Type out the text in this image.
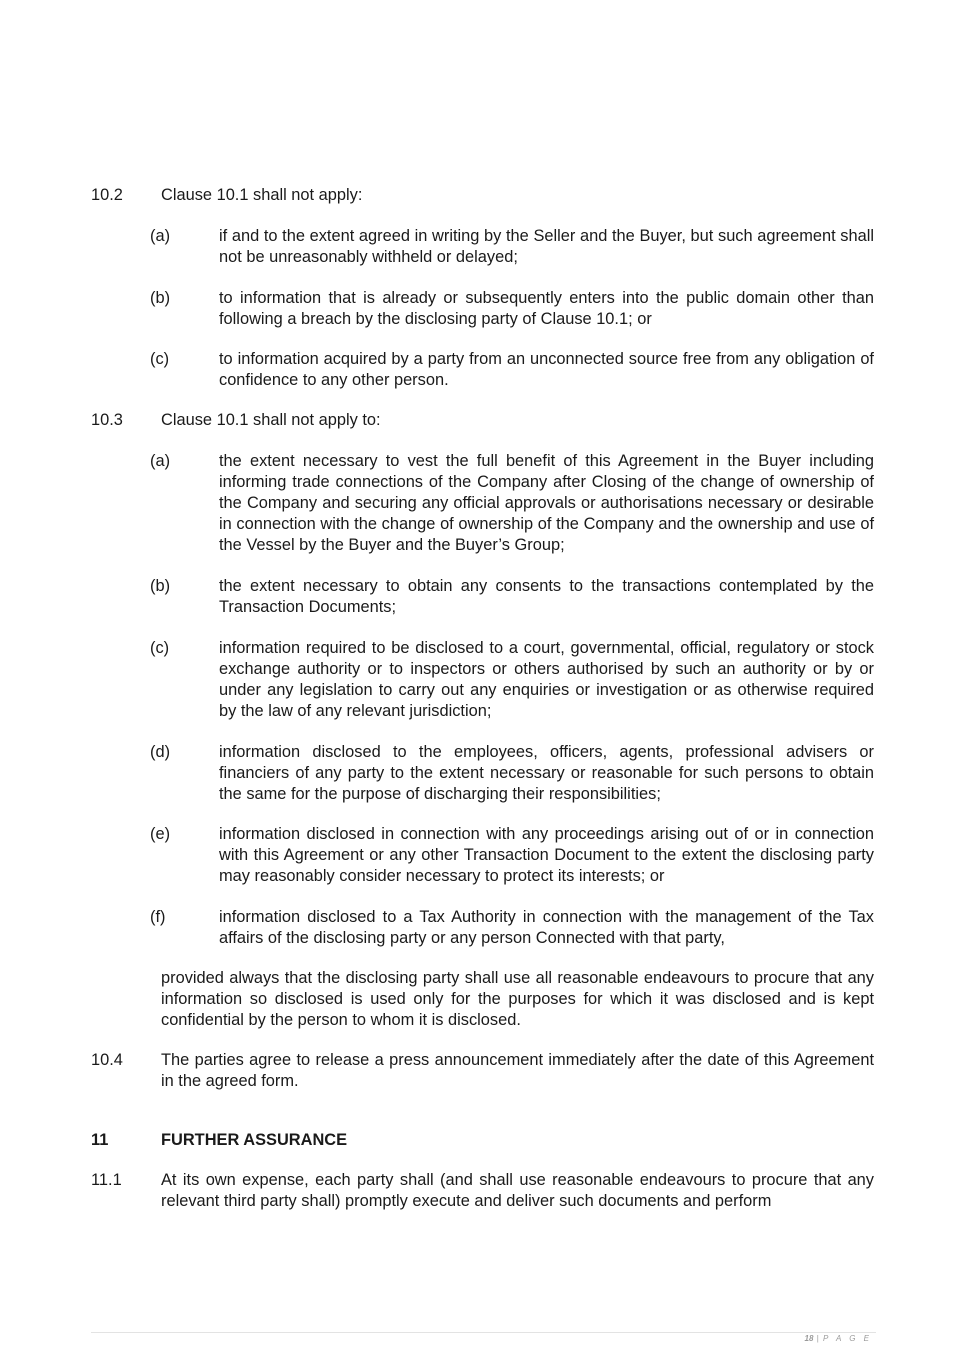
10.2 Clause 10.1 shall not apply:
(a)	if and to the extent agreed in writing by the Seller and the Buyer, but such agreement shall not be unreasonably withheld or delayed;
(b)	to information that is already or subsequently enters into the public domain other than following a breach by the disclosing party of Clause 10.1; or
(c)	to information acquired by a party from an unconnected source free from any obligation of confidence to any other person.
10.3 Clause 10.1 shall not apply to:
(a)	the extent necessary to vest the full benefit of this Agreement in the Buyer including informing trade connections of the Company after Closing of the change of ownership of the Company and securing any official approvals or authorisations necessary or desirable in connection with the change of ownership of the Company and the ownership and use of the Vessel by the Buyer and the Buyer’s Group;
(b)	the extent necessary to obtain any consents to the transactions contemplated by the Transaction Documents;
(c)	information required to be disclosed to a court, governmental, official, regulatory or stock exchange authority or to inspectors or others authorised by such an authority or by or under any legislation to carry out any enquiries or investigation or as otherwise required by the law of any relevant jurisdiction;
(d)	information disclosed to the employees, officers, agents, professional advisers or financiers of any party to the extent necessary or reasonable for such persons to obtain the same for the purpose of discharging their responsibilities;
(e)	information disclosed in connection with any proceedings arising out of or in connection with this Agreement or any other Transaction Document to the extent the disclosing party may reasonably consider necessary to protect its interests; or
(f)	information disclosed to a Tax Authority in connection with the management of the Tax affairs of the disclosing party or any person Connected with that party,
provided always that the disclosing party shall use all reasonable endeavours to procure that any information so disclosed is used only for the purposes for which it was disclosed and is kept confidential by the person to whom it is disclosed.
10.4 The parties agree to release a press announcement immediately after the date of this Agreement in the agreed form.
11	FURTHER ASSURANCE
11.1 At its own expense, each party shall (and shall use reasonable endeavours to procure that any relevant third party shall) promptly execute and deliver such documents and perform
18 | P A G E
